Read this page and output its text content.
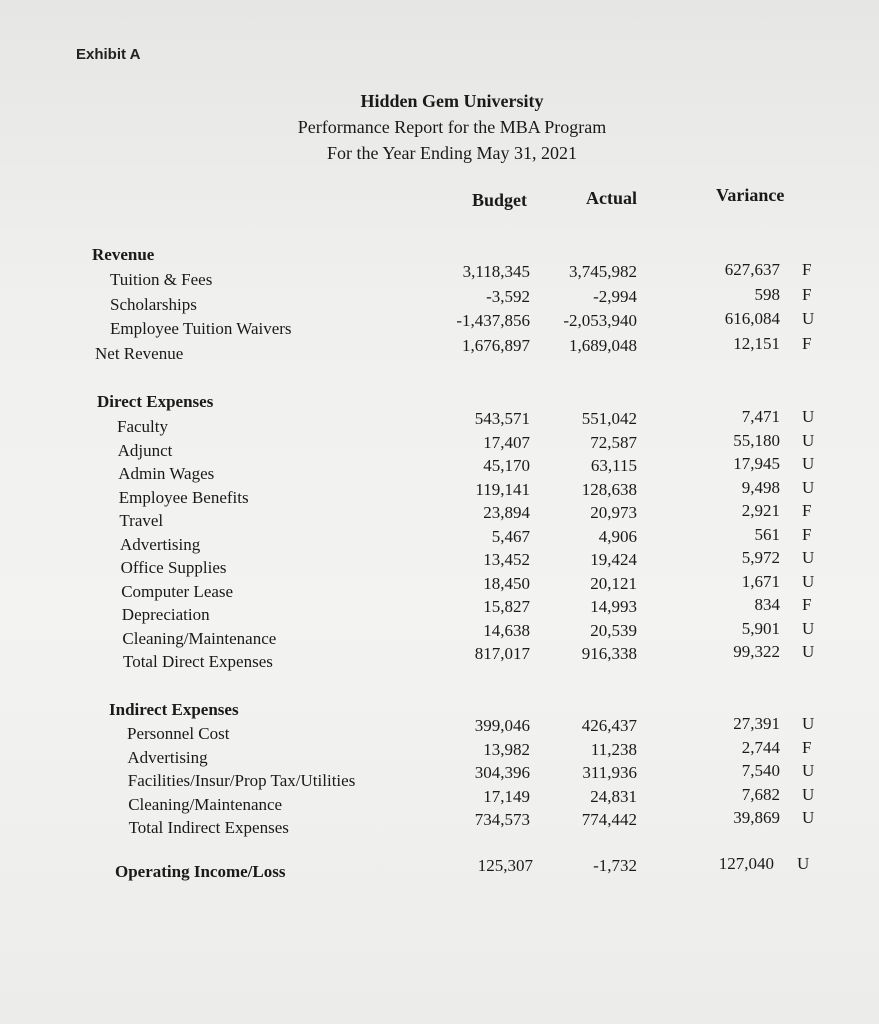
Exhibit A
Hidden Gem University
Performance Report for the MBA Program
For the Year Ending May 31, 2021
Budget	Actual	Variance
Revenue
Tuition & Fees	3,118,345	3,745,982	627,637 F
Scholarships	-3,592	-2,994	598 F
Employee Tuition Waivers	-1,437,856	-2,053,940	616,084 U
Net Revenue	1,676,897	1,689,048	12,151 F
Direct Expenses
Faculty	543,571	551,042	7,471 U
Adjunct	17,407	72,587	55,180 U
Admin Wages	45,170	63,115	17,945 U
Employee Benefits	119,141	128,638	9,498 U
Travel	23,894	20,973	2,921 F
Advertising	5,467	4,906	561 F
Office Supplies	13,452	19,424	5,972 U
Computer Lease	18,450	20,121	1,671 U
Depreciation	15,827	14,993	834 F
Cleaning/Maintenance	14,638	20,539	5,901 U
Total Direct Expenses	817,017	916,338	99,322 U
Indirect Expenses
Personnel Cost	399,046	426,437	27,391 U
Advertising	13,982	11,238	2,744 F
Facilities/Insur/Prop Tax/Utilities	304,396	311,936	7,540 U
Cleaning/Maintenance	17,149	24,831	7,682 U
Total Indirect Expenses	734,573	774,442	39,869 U
Operating Income/Loss	125,307	-1,732	127,040 U
